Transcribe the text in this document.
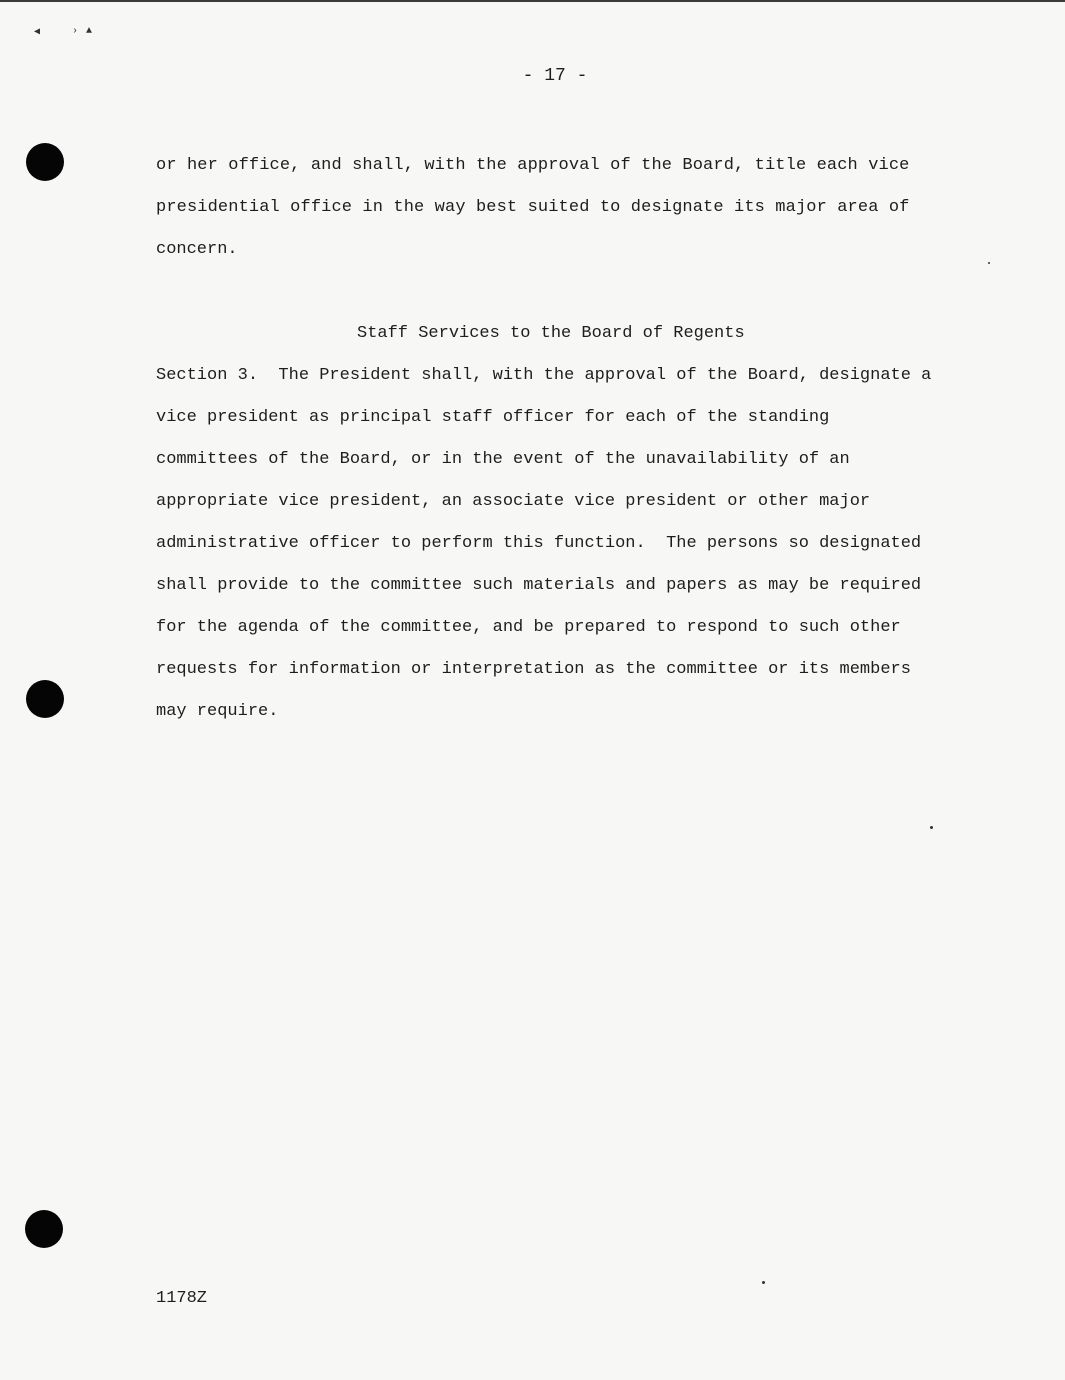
◀	› ▲
- 17 -
or her office, and shall, with the approval of the Board, title each vice
presidential office in the way best suited to designate its major area of
concern.
Staff Services to the Board of Regents
Section 3.  The President shall, with the approval of the Board, designate a
vice president as principal staff officer for each of the standing
committees of the Board, or in the event of the unavailability of an
appropriate vice president, an associate vice president or other major
administrative officer to perform this function.  The persons so designated
shall provide to the committee such materials and papers as may be required
for the agenda of the committee, and be prepared to respond to such other
requests for information or interpretation as the committee or its members
may require.
1178Z
